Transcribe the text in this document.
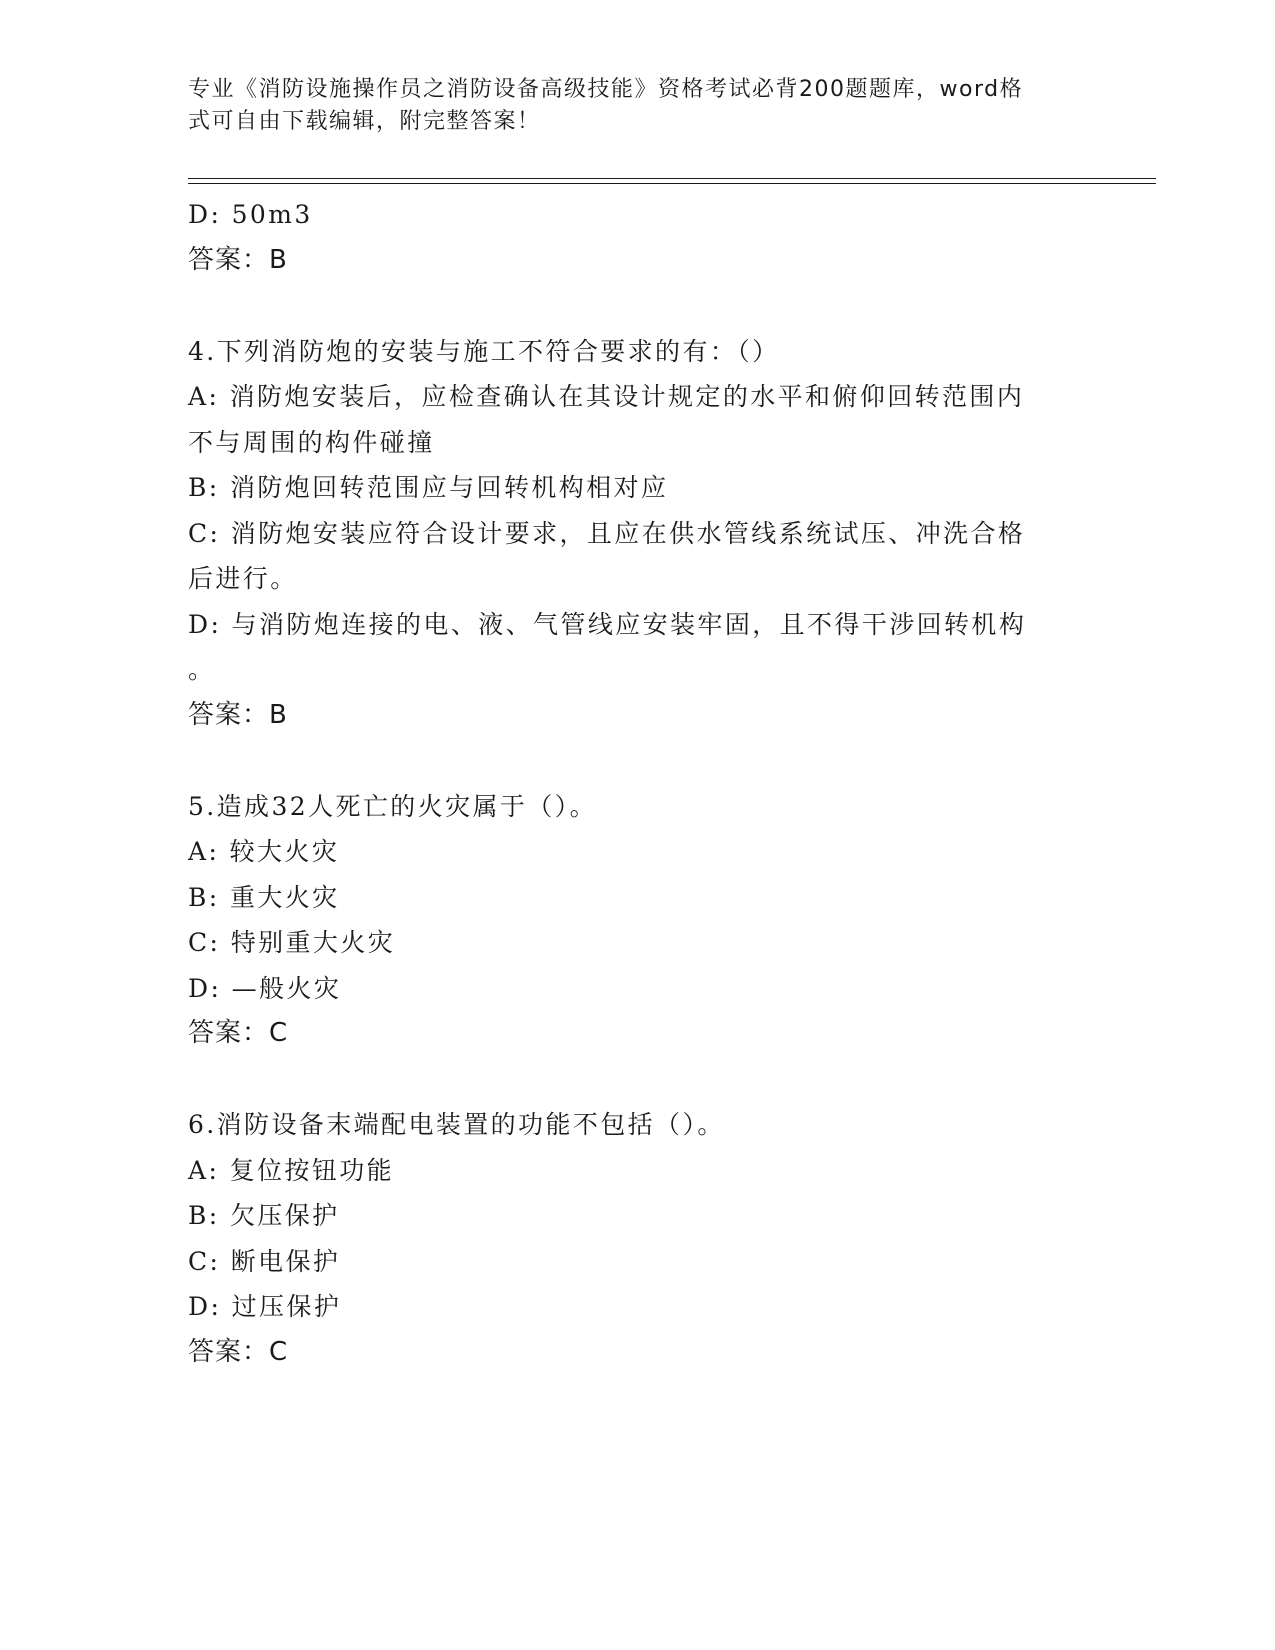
专业《消防设施操作员之消防设备高级技能》资格考试必背200题题库，word格
式可自由下载编辑，附完整答案！
D: 50m3
答案：B
4.下列消防炮的安装与施工不符合要求的有：（）
A: 消防炮安装后，应检查确认在其设计规定的水平和俯仰回转范围内
不与周围的构件碰撞
B: 消防炮回转范围应与回转机构相对应
C: 消防炮安装应符合设计要求，且应在供水管线系统试压、冲洗合格
后进行。
D: 与消防炮连接的电、液、气管线应安装牢固，且不得干涉回转机构
。
答案：B
5.造成32人死亡的火灾属于（）。
A: 较大火灾
B: 重大火灾
C: 特别重大火灾
D: —般火灾
答案：C
6.消防设备末端配电装置的功能不包括（）。
A: 复位按钮功能
B: 欠压保护
C: 断电保护
D: 过压保护
答案：C
